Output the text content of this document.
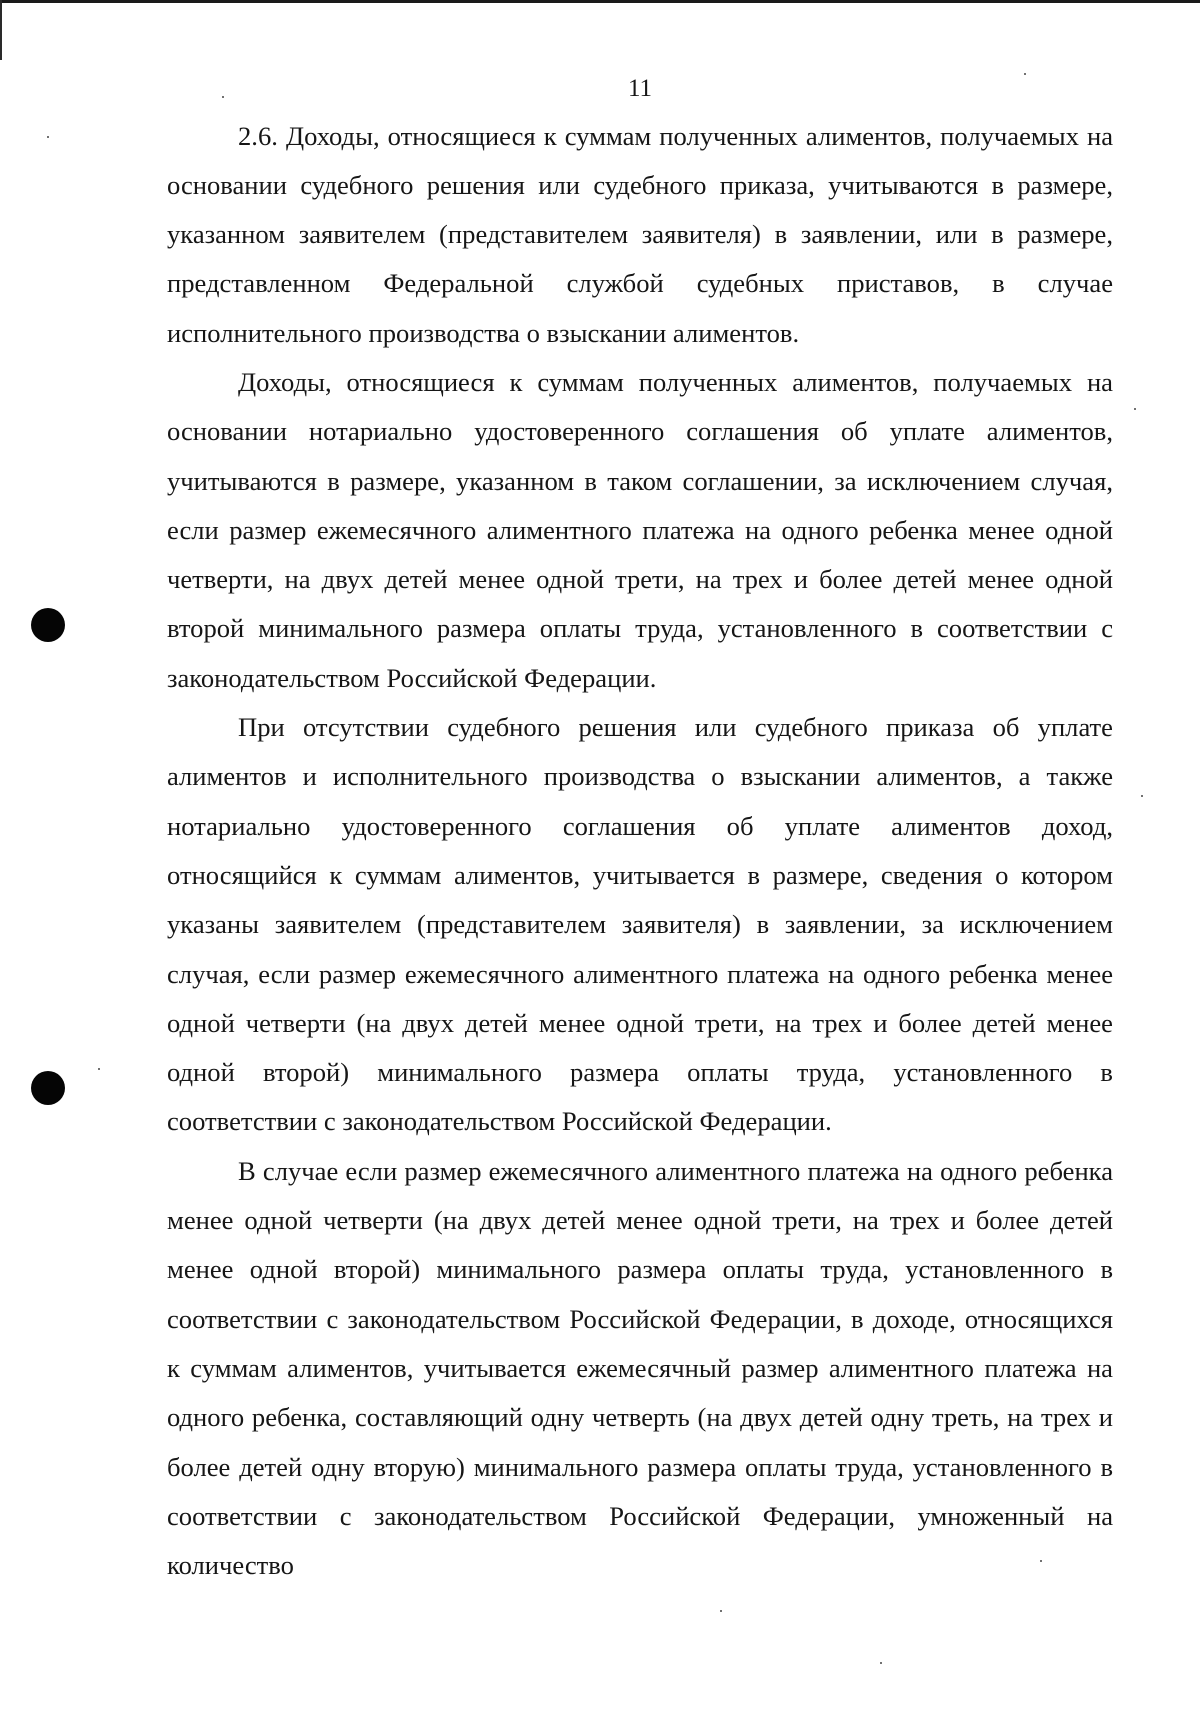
11

2.6. Доходы, относящиеся к суммам полученных алиментов, получаемых на основании судебного решения или судебного приказа, учитываются в размере, указанном заявителем (представителем заявителя) в заявлении, или в размере, представленном Федеральной службой судебных приставов, в случае исполнительного производства о взыскании алиментов.

Доходы, относящиеся к суммам полученных алиментов, получаемых на основании нотариально удостоверенного соглашения об уплате алиментов, учитываются в размере, указанном в таком соглашении, за исключением случая, если размер ежемесячного алиментного платежа на одного ребенка менее одной четверти, на двух детей менее одной трети, на трех и более детей менее одной второй минимального размера оплаты труда, установленного в соответствии с законодательством Российской Федерации.

При отсутствии судебного решения или судебного приказа об уплате алиментов и исполнительного производства о взыскании алиментов, а также нотариально удостоверенного соглашения об уплате алиментов доход, относящийся к суммам алиментов, учитывается в размере, сведения о котором указаны заявителем (представителем заявителя) в заявлении, за исключением случая, если размер ежемесячного алиментного платежа на одного ребенка менее одной четверти (на двух детей менее одной трети, на трех и более детей менее одной второй) минимального размера оплаты труда, установленного в соответствии с законодательством Российской Федерации.

В случае если размер ежемесячного алиментного платежа на одного ребенка менее одной четверти (на двух детей менее одной трети, на трех и более детей менее одной второй) минимального размера оплаты труда, установленного в соответствии с законодательством Российской Федерации, в доходе, относящихся к суммам алиментов, учитывается ежемесячный размер алиментного платежа на одного ребенка, составляющий одну четверть (на двух детей одну треть, на трех и более детей одну вторую) минимального размера оплаты труда, установленного в соответствии с законодательством Российской Федерации, умноженный на количество
